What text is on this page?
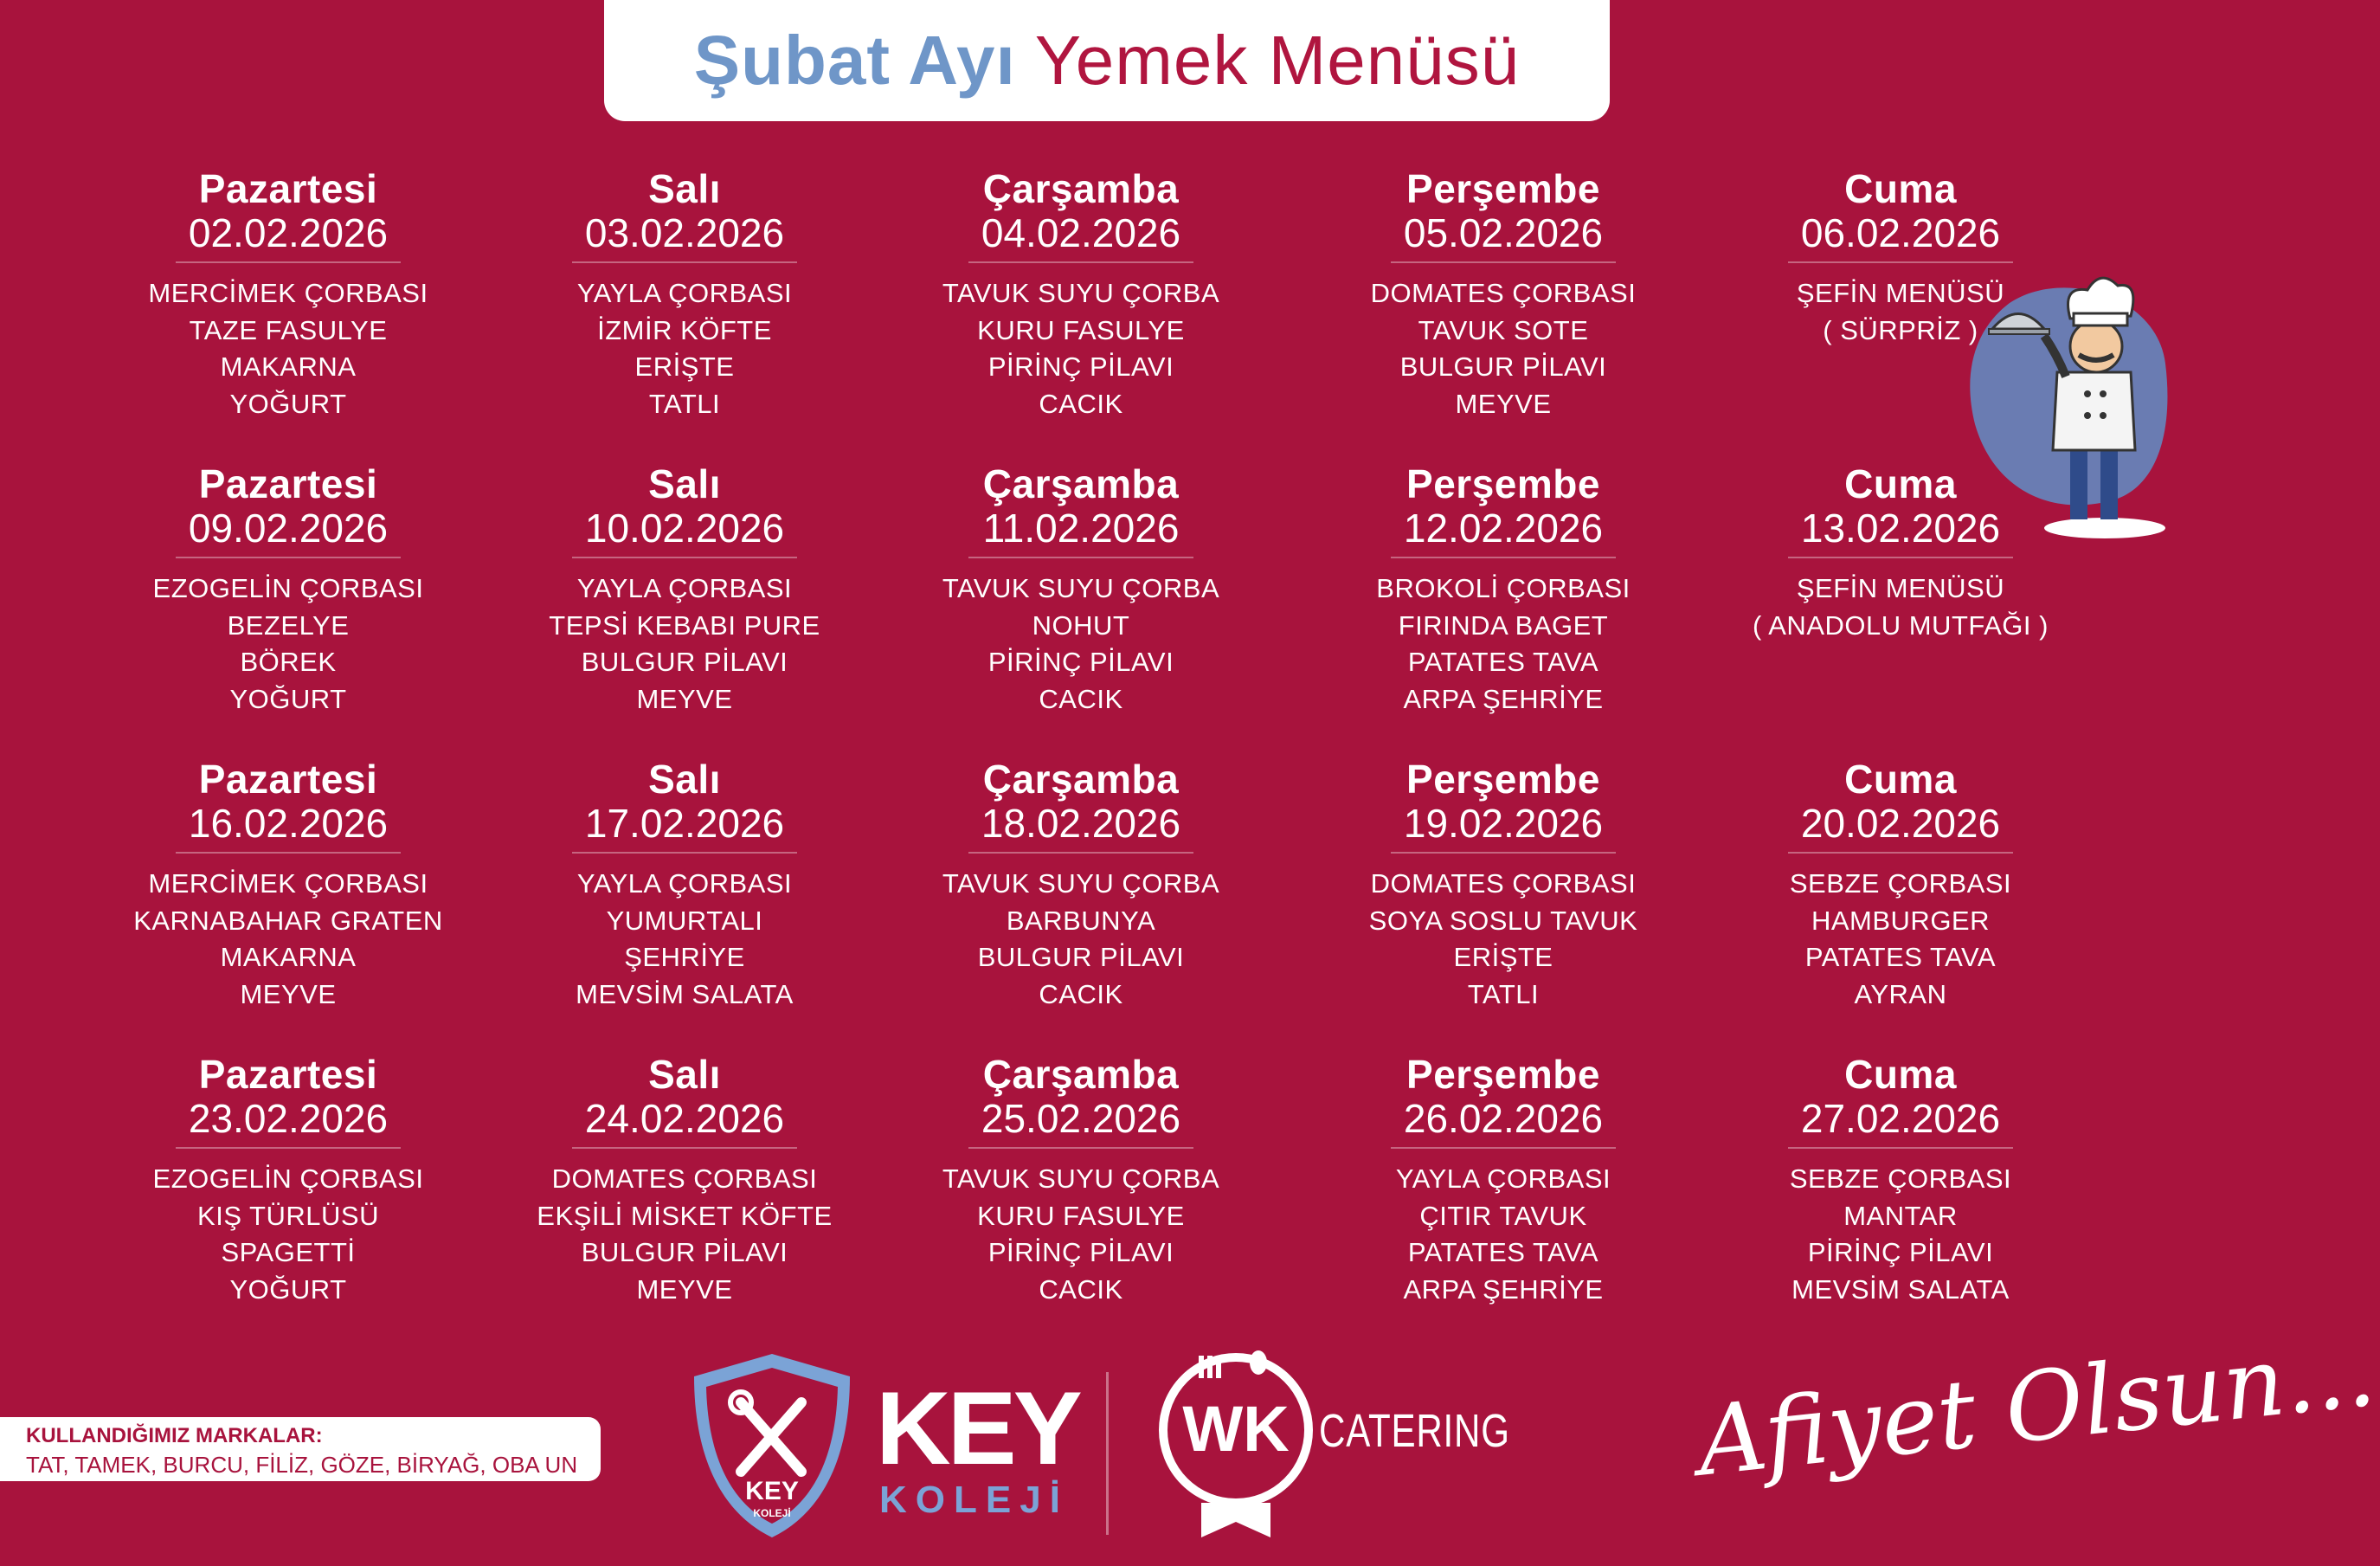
Şubat Ayı Yemek Menüsü
Pazartesi
02.02.2026
MERCİMEK ÇORBASI
TAZE FASULYE
MAKARNA
YOĞURT
Salı
03.02.2026
YAYLA ÇORBASI
İZMİR KÖFTE
ERİŞTE
TATLI
Çarşamba
04.02.2026
TAVUK SUYU ÇORBA
KURU FASULYE
PİRİNÇ PİLAVI
CACIK
Perşembe
05.02.2026
DOMATES ÇORBASI
TAVUK SOTE
BULGUR PİLAVI
MEYVE
Cuma
06.02.2026
ŞEFİN MENÜSÜ
( SÜRPRİZ )
Pazartesi
09.02.2026
EZOGELİN ÇORBASI
BEZELYE
BÖREK
YOĞURT
Salı
10.02.2026
YAYLA ÇORBASI
TEPSİ KEBABI PURE
BULGUR PİLAVI
MEYVE
Çarşamba
11.02.2026
TAVUK SUYU ÇORBA
NOHUT
PİRİNÇ PİLAVI
CACIK
Perşembe
12.02.2026
BROKOLİ ÇORBASI
FIRINDA BAGET
PATATES TAVA
ARPA ŞEHRİYE
Cuma
13.02.2026
ŞEFİN MENÜSÜ
( ANADOLU MUTFAĞI )
Pazartesi
16.02.2026
MERCİMEK ÇORBASI
KARNABAHAR GRATEN
MAKARNA
MEYVE
Salı
17.02.2026
YAYLA ÇORBASI
YUMURTALI
ŞEHRİYE
MEVSİM SALATA
Çarşamba
18.02.2026
TAVUK SUYU ÇORBA
BARBUNYA
BULGUR PİLAVI
CACIK
Perşembe
19.02.2026
DOMATES ÇORBASI
SOYA SOSLU TAVUK
ERİŞTE
TATLI
Cuma
20.02.2026
SEBZE ÇORBASI
HAMBURGER
PATATES TAVA
AYRAN
Pazartesi
23.02.2026
EZOGELİN ÇORBASI
KIŞ TÜRLÜSÜ
SPAGETTİ
YOĞURT
Salı
24.02.2026
DOMATES ÇORBASI
EKŞİLİ MİSKET KÖFTE
BULGUR PİLAVI
MEYVE
Çarşamba
25.02.2026
TAVUK SUYU ÇORBA
KURU FASULYE
PİRİNÇ PİLAVI
CACIK
Perşembe
26.02.2026
YAYLA ÇORBASI
ÇITIR TAVUK
PATATES TAVA
ARPA ŞEHRİYE
Cuma
27.02.2026
SEBZE ÇORBASI
MANTAR
PİRİNÇ PİLAVI
MEVSİM SALATA
KULLANDIĞIMIZ MARKALAR:
TAT, TAMEK, BURCU, FİLİZ, GÖZE, BİRYAĞ, OBA UN
KEY
KOLEJİ
KEY
KOLEJİ
WK CATERING Afiyet Olsun...
